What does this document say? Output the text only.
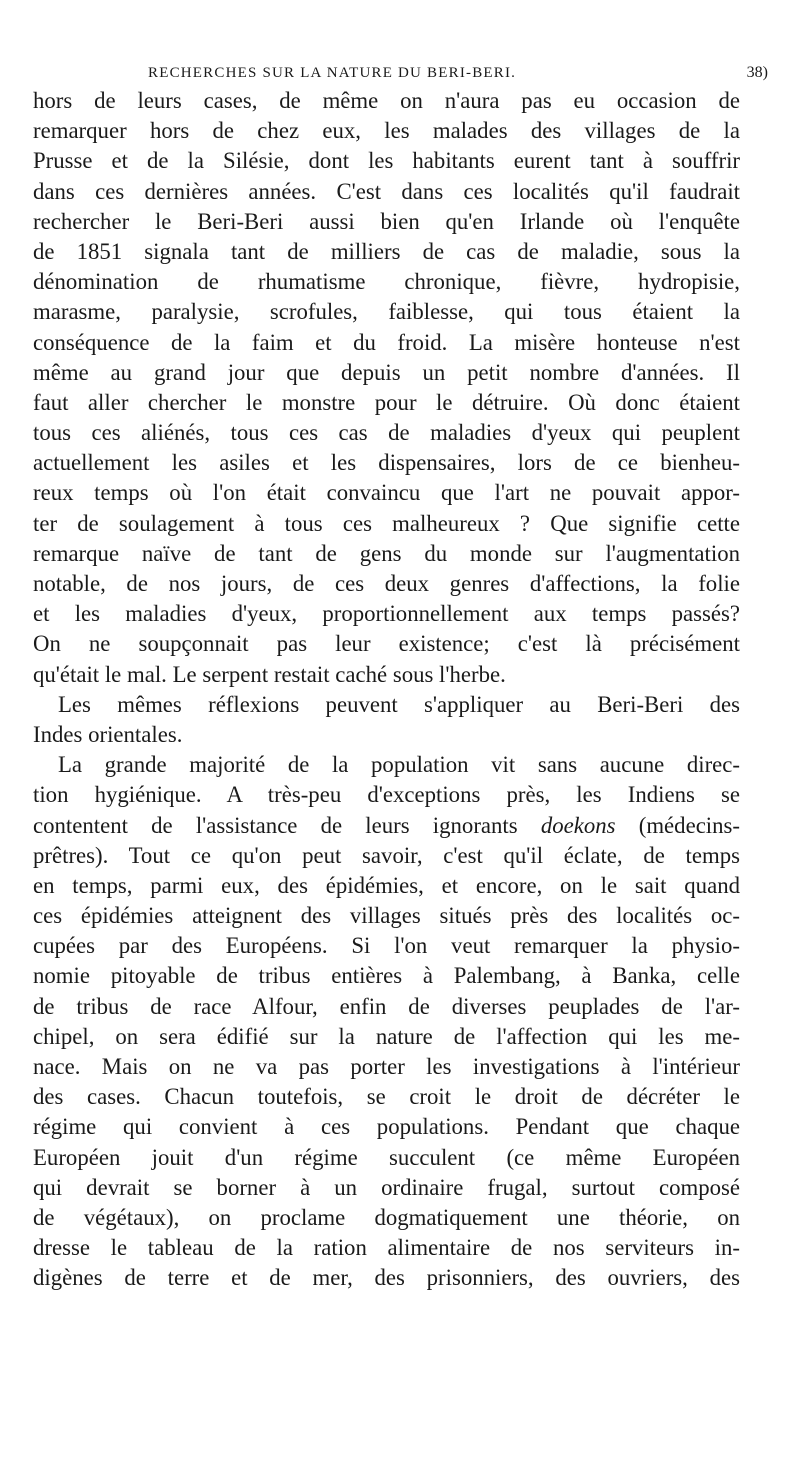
RECHERCHES SUR LA NATURE DU BERI-BERI.	38)
hors de leurs cases, de même on n'aura pas eu occasion de
remarquer hors de chez eux, les malades des villages de la
Prusse et de la Silésie, dont les habitants eurent tant à souffrir
dans ces dernières années. C'est dans ces localités qu'il faudrait
rechercher le Beri-Beri aussi bien qu'en Irlande où l'enquête
de 1851 signala tant de milliers de cas de maladie, sous la
dénomination de rhumatisme chronique, fièvre, hydropisie,
marasme, paralysie, scrofules, faiblesse, qui tous étaient la
conséquence de la faim et du froid. La misère honteuse n'est
même au grand jour que depuis un petit nombre d'années. Il
faut aller chercher le monstre pour le détruire. Où donc étaient
tous ces aliénés, tous ces cas de maladies d'yeux qui peuplent
actuellement les asiles et les dispensaires, lors de ce bienheu-
reux temps où l'on était convaincu que l'art ne pouvait appor-
ter de soulagement à tous ces malheureux ? Que signifie cette
remarque naïve de tant de gens du monde sur l'augmentation
notable, de nos jours, de ces deux genres d'affections, la folie
et les maladies d'yeux, proportionnellement aux temps passés?
On ne soupçonnait pas leur existence; c'est là précisément
qu'était le mal. Le serpent restait caché sous l'herbe.
Les mêmes réflexions peuvent s'appliquer au Beri-Beri des
Indes orientales.
La grande majorité de la population vit sans aucune direc-
tion hygiénique. A très-peu d'exceptions près, les Indiens se
contentent de l'assistance de leurs ignorants doekons (médecins-
prêtres). Tout ce qu'on peut savoir, c'est qu'il éclate, de temps
en temps, parmi eux, des épidémies, et encore, on le sait quand
ces épidémies atteignent des villages situés près des localités oc-
cupées par des Européens. Si l'on veut remarquer la physio-
nomie pitoyable de tribus entières à Palembang, à Banka, celle
de tribus de race Alfour, enfin de diverses peuplades de l'ar-
chipel, on sera édifié sur la nature de l'affection qui les me-
nace. Mais on ne va pas porter les investigations à l'intérieur
des cases. Chacun toutefois, se croit le droit de décréter le
régime qui convient à ces populations. Pendant que chaque
Européen jouit d'un régime succulent (ce même Européen
qui devrait se borner à un ordinaire frugal, surtout composé
de végétaux), on proclame dogmatiquement une théorie, on
dresse le tableau de la ration alimentaire de nos serviteurs in-
digènes de terre et de mer, des prisonniers, des ouvriers, des
